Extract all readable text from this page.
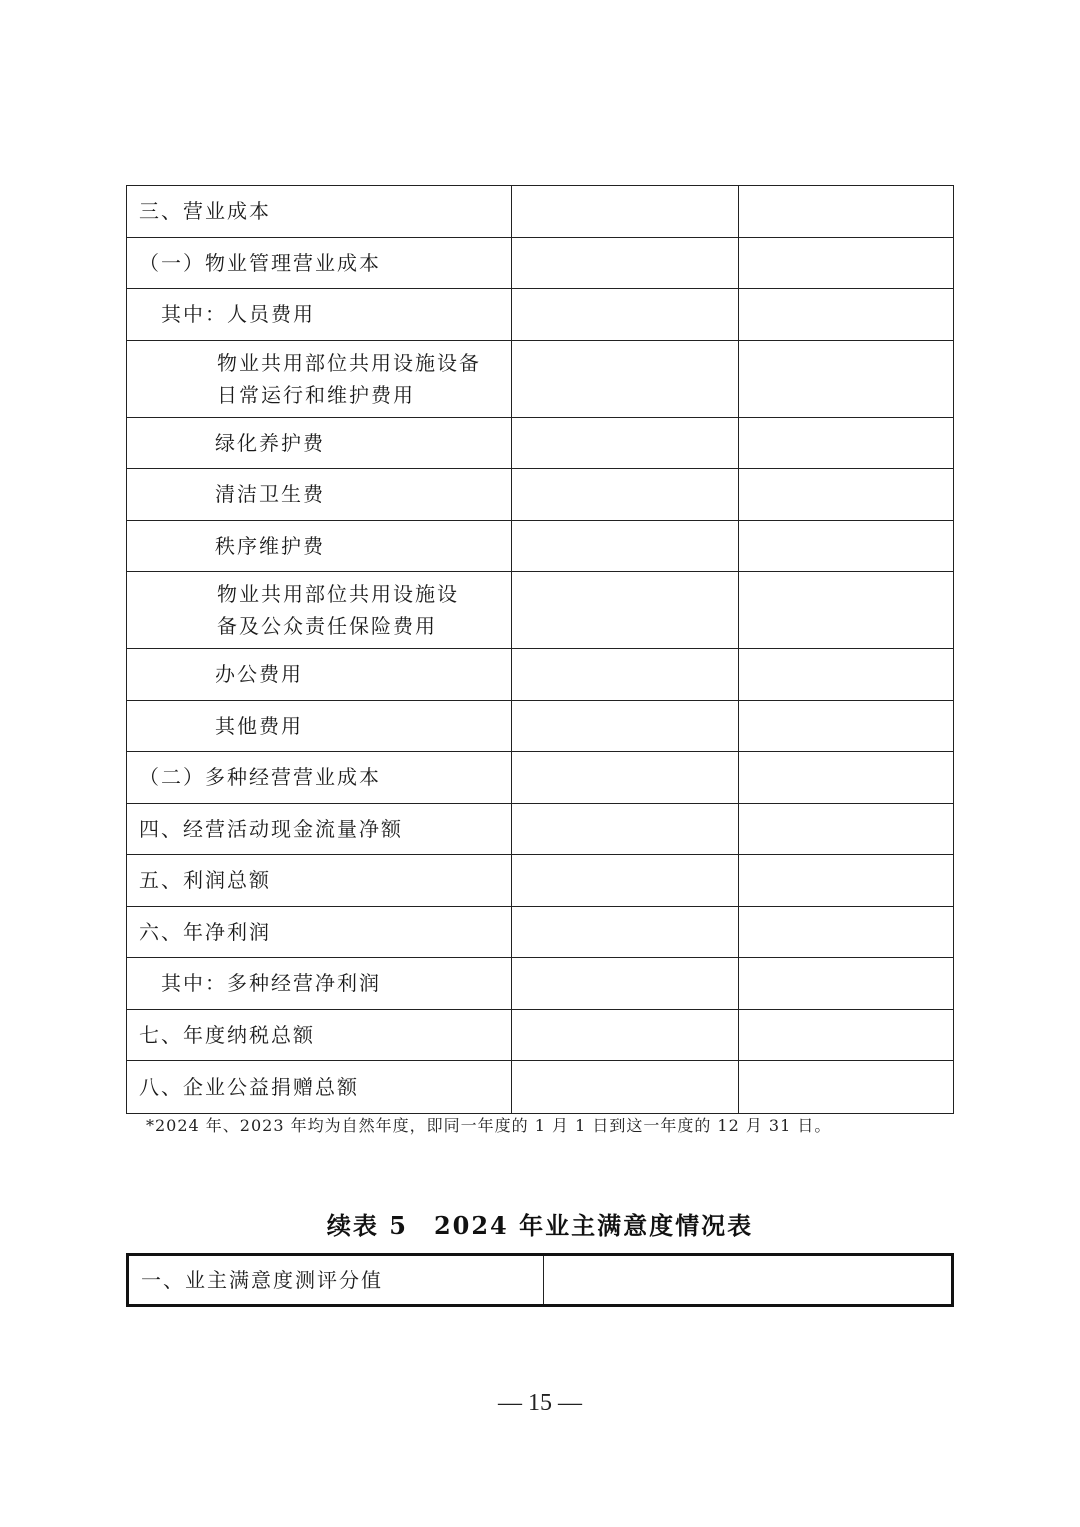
三、营业成本
（一）物业管理营业成本
其中：人员费用
物业共用部位共用设施设备
日常运行和维护费用
绿化养护费
清洁卫生费
秩序维护费
物业共用部位共用设施设
备及公众责任保险费用
办公费用
其他费用
（二）多种经营营业成本
四、经营活动现金流量净额
五、利润总额
六、年净利润
其中：多种经营净利润
七、年度纳税总额
八、企业公益捐赠总额
*2024 年、2023 年均为自然年度，即同一年度的 1 月 1 日到这一年度的 12 月 31 日。
续表 5　2024 年业主满意度情况表
一、业主满意度测评分值
— 15 —
